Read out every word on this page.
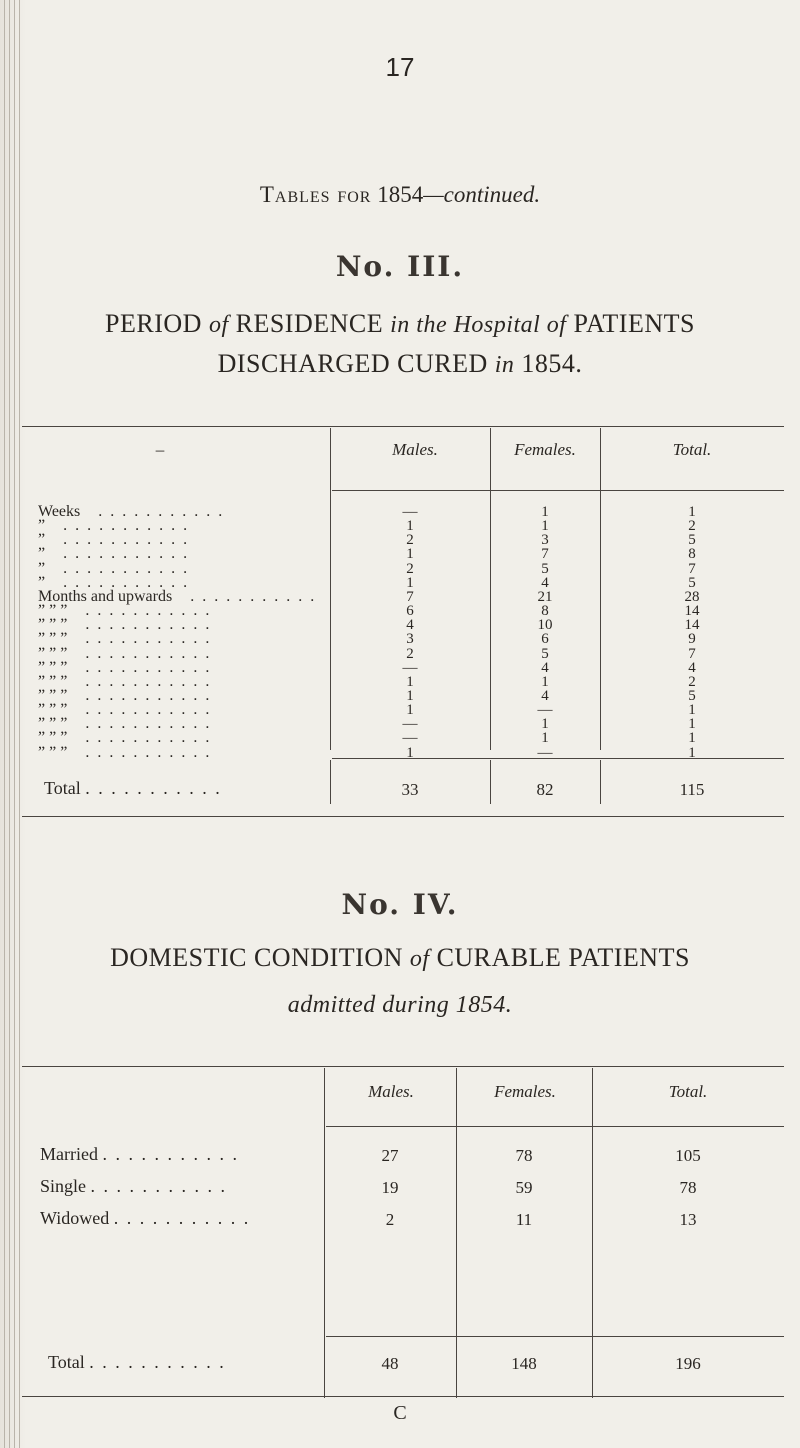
17
Tables for 1854—continued.
No. III.
PERIOD of RESIDENCE in the Hospital of PATIENTS
DISCHARGED CURED in 1854.
–	Males.	Females.	Total.
Weeks . . . . . . . . . . .	—	1	1
” . . . . . . . . . . .	1	1	2
” . . . . . . . . . . .	2	3	5
” . . . . . . . . . . .	1	7	8
” . . . . . . . . . . .	2	5	7
” . . . . . . . . . . .	1	4	5
Months and upwards . . . . . . . . . . .	7	21	28
” ” ” . . . . . . . . . . .	6	8	14
” ” ” . . . . . . . . . . .	4	10	14
” ” ” . . . . . . . . . . .	3	6	9
” ” ” . . . . . . . . . . .	2	5	7
” ” ” . . . . . . . . . . .	—	4	4
” ” ” . . . . . . . . . . .	1	1	2
” ” ” . . . . . . . . . . .	1	4	5
” ” ” . . . . . . . . . . .	1	—	1
” ” ” . . . . . . . . . . .	—	1	1
” ” ” . . . . . . . . . . .	—	1	1
” ” ” . . . . . . . . . . .	1	—	1
Total . . . . . . . . . . .	33	82	115
No. IV.
DOMESTIC CONDITION of CURABLE PATIENTS
admitted during 1854.
Males.	Females.	Total.
Married . . . . . . . . . . .	27	78	105
Single . . . . . . . . . . .	19	59	78
Widowed . . . . . . . . . . .	2	11	13
Total . . . . . . . . . . .	48	148	196
C
